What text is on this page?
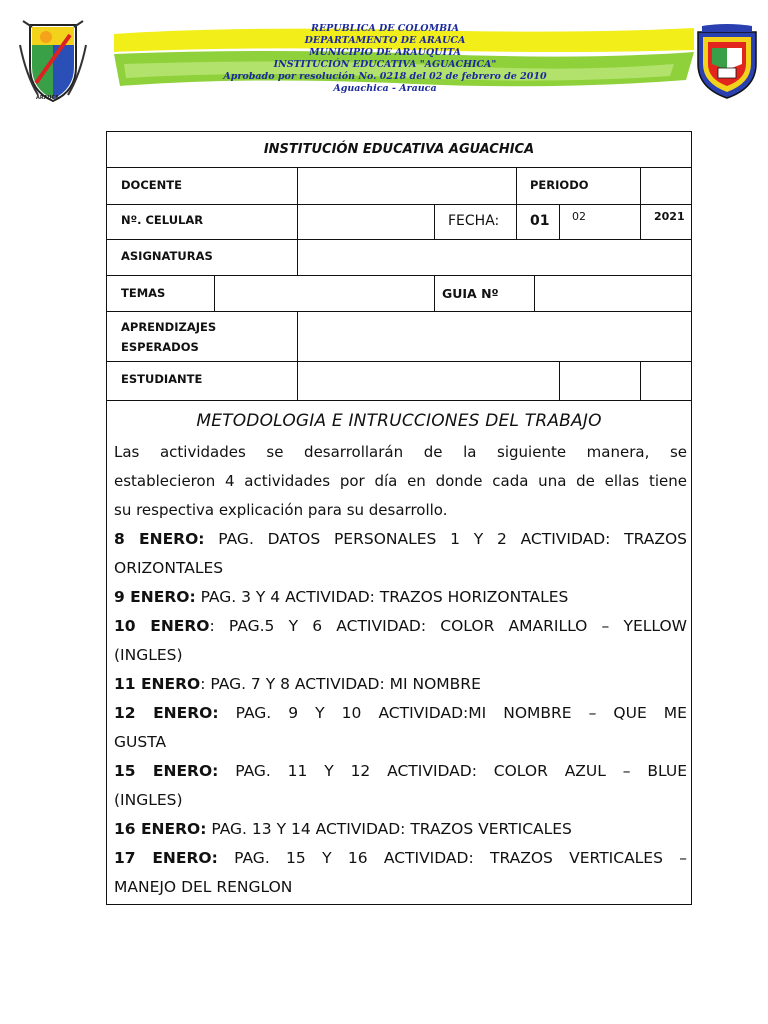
ARAUCA
REPUBLICA DE COLOMBIA
DEPARTAMENTO DE ARAUCA
MUNICIPIO DE ARAUQUITA
INSTITUCIÓN EDUCATIVA "AGUACHICA"
Aprobado por resolución No. 0218 del 02 de febrero de 2010
Aguachica - Arauca
INSTITUCIÓN EDUCATIVA AGUACHICA
DOCENTE	PERIODO
Nº. CELULAR	FECHA: 01 02	2021
ASIGNATURAS
TEMAS	GUIA Nº
APRENDIZAJES
ESPERADOS
ESTUDIANTE
METODOLOGIA E INTRUCCIONES DEL TRABAJO

Las actividades se desarrollarán de la siguiente manera, se

establecieron 4 actividades por día en donde cada una de ellas tiene

su respectiva explicación para su desarrollo.

8 ENERO: PAG. DATOS PERSONALES 1 Y 2 ACTIVIDAD: TRAZOS

ORIZONTALES

9 ENERO: PAG. 3 Y 4 ACTIVIDAD: TRAZOS HORIZONTALES

10 ENERO: PAG.5 Y 6 ACTIVIDAD: COLOR AMARILLO – YELLOW

(INGLES)

11 ENERO: PAG. 7 Y 8 ACTIVIDAD: MI NOMBRE

12 ENERO: PAG. 9 Y 10 ACTIVIDAD:MI NOMBRE – QUE ME

GUSTA

15 ENERO: PAG. 11 Y 12 ACTIVIDAD: COLOR AZUL – BLUE

(INGLES)

16 ENERO: PAG. 13 Y 14 ACTIVIDAD: TRAZOS VERTICALES

17 ENERO: PAG. 15 Y 16 ACTIVIDAD: TRAZOS VERTICALES –

MANEJO DEL RENGLON
